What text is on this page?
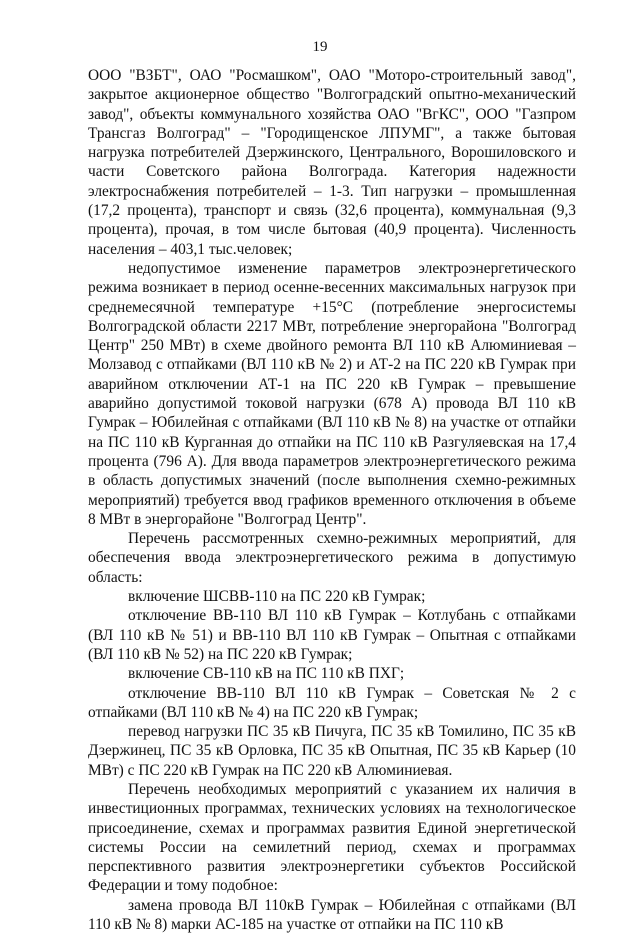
19

ООО "ВЗБТ", ОАО "Росмашком", ОАО "Моторо-строительный завод", закрытое акционерное общество "Волгоградский опытно-механический завод", объекты коммунального хозяйства ОАО "ВгКС", ООО "Газпром Трансгаз Волгоград" – "Городищенское ЛПУМГ", а также бытовая нагрузка потребителей Дзержинского, Центрального, Ворошиловского и части Советского района Волгограда. Категория надежности электроснабжения потребителей – 1-3. Тип нагрузки – промышленная (17,2 процента), транспорт и связь (32,6 процента), коммунальная (9,3 процента), прочая, в том числе бытовая (40,9 процента). Численность населения – 403,1 тыс.человек;

недопустимое изменение параметров электроэнергетического режима возникает в период осенне-весенних максимальных нагрузок при среднемесячной температуре +15°С (потребление энергосистемы Волгоградской области 2217 МВт, потребление энергорайона "Волгоград Центр" 250 МВт) в схеме двойного ремонта ВЛ 110 кВ Алюминиевая – Молзавод с отпайками (ВЛ 110 кВ № 2) и АТ-2 на ПС 220 кВ Гумрак при аварийном отключении АТ-1 на ПС 220 кВ Гумрак – превышение аварийно допустимой токовой нагрузки (678 А) провода ВЛ 110 кВ Гумрак – Юбилейная с отпайками (ВЛ 110 кВ № 8) на участке от отпайки на ПС 110 кВ Курганная до отпайки на ПС 110 кВ Разгуляевская на 17,4 процента (796 А). Для ввода параметров электроэнергетического режима в область допустимых значений (после выполнения схемно-режимных мероприятий) требуется ввод графиков временного отключения в объеме 8 МВт в энергорайоне "Волгоград Центр".

Перечень рассмотренных схемно-режимных мероприятий, для обеспечения ввода электроэнергетического режима в допустимую область:

включение ШСВВ-110 на ПС 220 кВ Гумрак;

отключение ВВ-110 ВЛ 110 кВ Гумрак – Котлубань с отпайками (ВЛ 110 кВ № 51) и ВВ-110 ВЛ 110 кВ Гумрак – Опытная с отпайками (ВЛ 110 кВ № 52) на ПС 220 кВ Гумрак;

включение СВ-110 кВ на ПС 110 кВ ПХГ;

отключение ВВ-110 ВЛ 110 кВ Гумрак – Советская № 2 с отпайками (ВЛ 110 кВ № 4) на ПС 220 кВ Гумрак;

перевод нагрузки ПС 35 кВ Пичуга, ПС 35 кВ Томилино, ПС 35 кВ Дзержинец, ПС 35 кВ Орловка, ПС 35 кВ Опытная, ПС 35 кВ Карьер (10 МВт) с ПС 220 кВ Гумрак на ПС 220 кВ Алюминиевая.

Перечень необходимых мероприятий с указанием их наличия в инвестиционных программах, технических условиях на технологическое присоединение, схемах и программах развития Единой энергетической системы России на семилетний период, схемах и программах перспективного развития электроэнергетики субъектов Российской Федерации и тому подобное:

замена провода ВЛ 110кВ Гумрак – Юбилейная с отпайками (ВЛ 110 кВ № 8) марки АС-185 на участке от отпайки на ПС 110 кВ
